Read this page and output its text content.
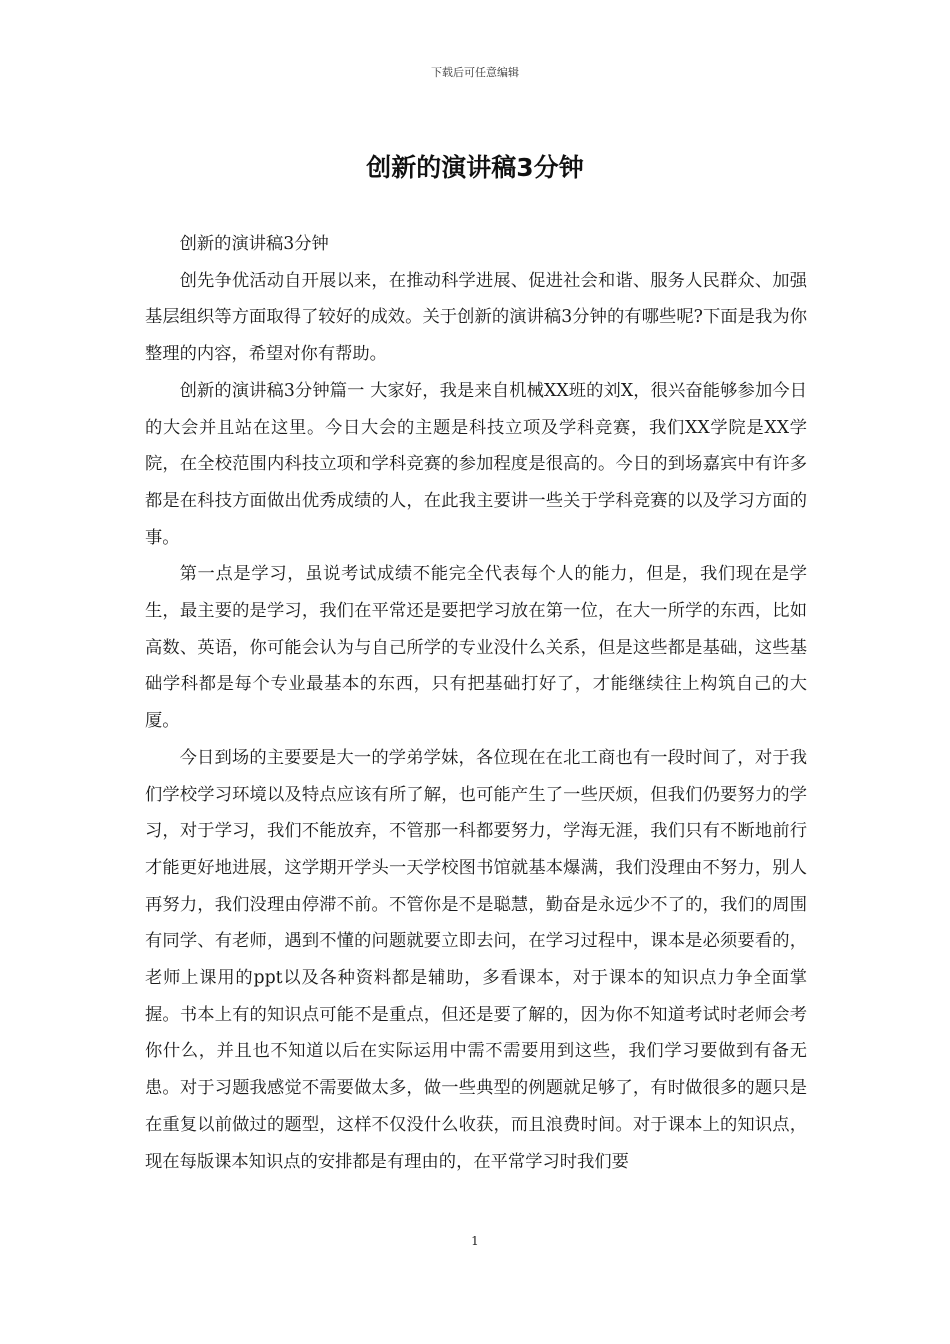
下载后可任意编辑
创新的演讲稿3分钟

创新的演讲稿3分钟

创先争优活动自开展以来，在推动科学进展、促进社会和谐、服务人民群众、加强基层组织等方面取得了较好的成效。关于创新的演讲稿3分钟的有哪些呢?下面是我为你整理的内容，希望对你有帮助。

创新的演讲稿3分钟篇一 大家好，我是来自机械XX班的刘X，很兴奋能够参加今日的大会并且站在这里。今日大会的主题是科技立项及学科竞赛，我们XX学院是XX学院，在全校范围内科技立项和学科竞赛的参加程度是很高的。今日的到场嘉宾中有许多都是在科技方面做出优秀成绩的人，在此我主要讲一些关于学科竞赛的以及学习方面的事。

第一点是学习，虽说考试成绩不能完全代表每个人的能力，但是，我们现在是学生，最主要的是学习，我们在平常还是要把学习放在第一位，在大一所学的东西，比如高数、英语，你可能会认为与自己所学的专业没什么关系，但是这些都是基础，这些基础学科都是每个专业最基本的东西，只有把基础打好了，才能继续往上构筑自己的大厦。

今日到场的主要要是大一的学弟学妹，各位现在在北工商也有一段时间了，对于我们学校学习环境以及特点应该有所了解，也可能产生了一些厌烦，但我们仍要努力的学习，对于学习，我们不能放弃，不管那一科都要努力，学海无涯，我们只有不断地前行才能更好地进展，这学期开学头一天学校图书馆就基本爆满，我们没理由不努力，别人再努力，我们没理由停滞不前。不管你是不是聪慧，勤奋是永远少不了的，我们的周围有同学、有老师，遇到不懂的问题就要立即去问，在学习过程中，课本是必须要看的，老师上课用的ppt以及各种资料都是辅助，多看课本，对于课本的知识点力争全面掌握。书本上有的知识点可能不是重点，但还是要了解的，因为你不知道考试时老师会考你什么，并且也不知道以后在实际运用中需不需要用到这些，我们学习要做到有备无患。对于习题我感觉不需要做太多，做一些典型的例题就足够了，有时做很多的题只是在重复以前做过的题型，这样不仅没什么收获，而且浪费时间。对于课本上的知识点，现在每版课本知识点的安排都是有理由的，在平常学习时我们要

1
